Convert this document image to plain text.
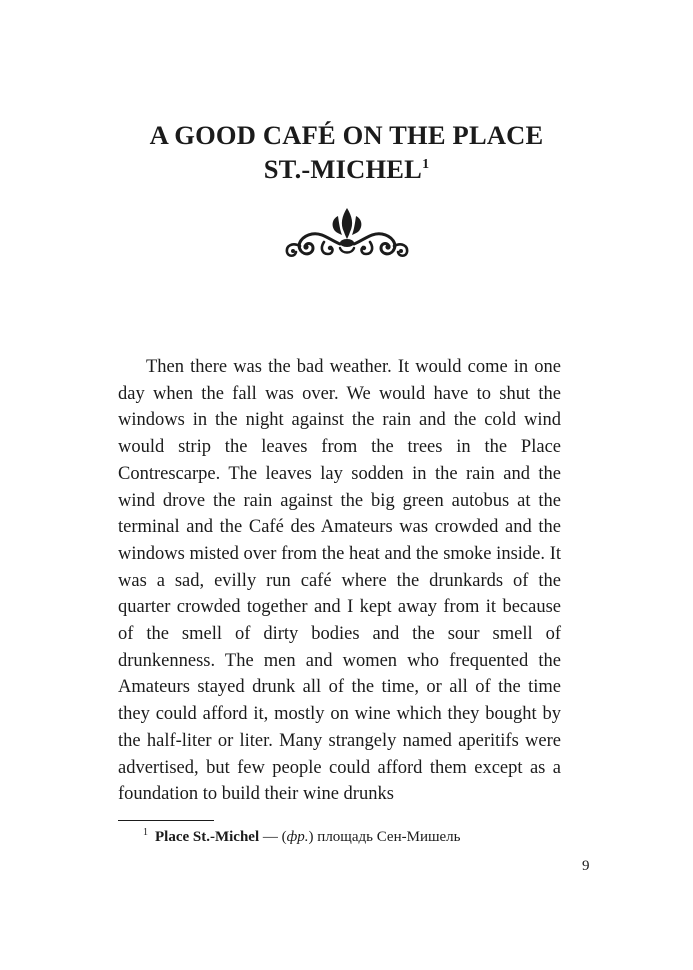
A GOOD CAFÉ ON THE PLACE
ST.-MICHEL$^1$

Then there was the bad weather. It would come in one day when the fall was over. We would have to shut the windows in the night against the rain and the cold wind would strip the leaves from the trees in the Place Contrescarpe. The leaves lay sodden in the rain and the wind drove the rain against the big green autobus at the terminal and the Café des Amateurs was crowded and the windows misted over from the heat and the smoke inside. It was a sad, evilly run café where the drunkards of the quarter crowded together and I kept away from it because of the smell of dirty bodies and the sour smell of drunkenness. The men and women who frequented the Amateurs stayed drunk all of the time, or all of the time they could afford it, mostly on wine which they bought by the half-liter or liter. Many strangely named aperitifs were advertised, but few people could afford them except as a foundation to build their wine drunks

$^1$ Place St.-Michel — (фр.) площадь Сен-Мишель
9
